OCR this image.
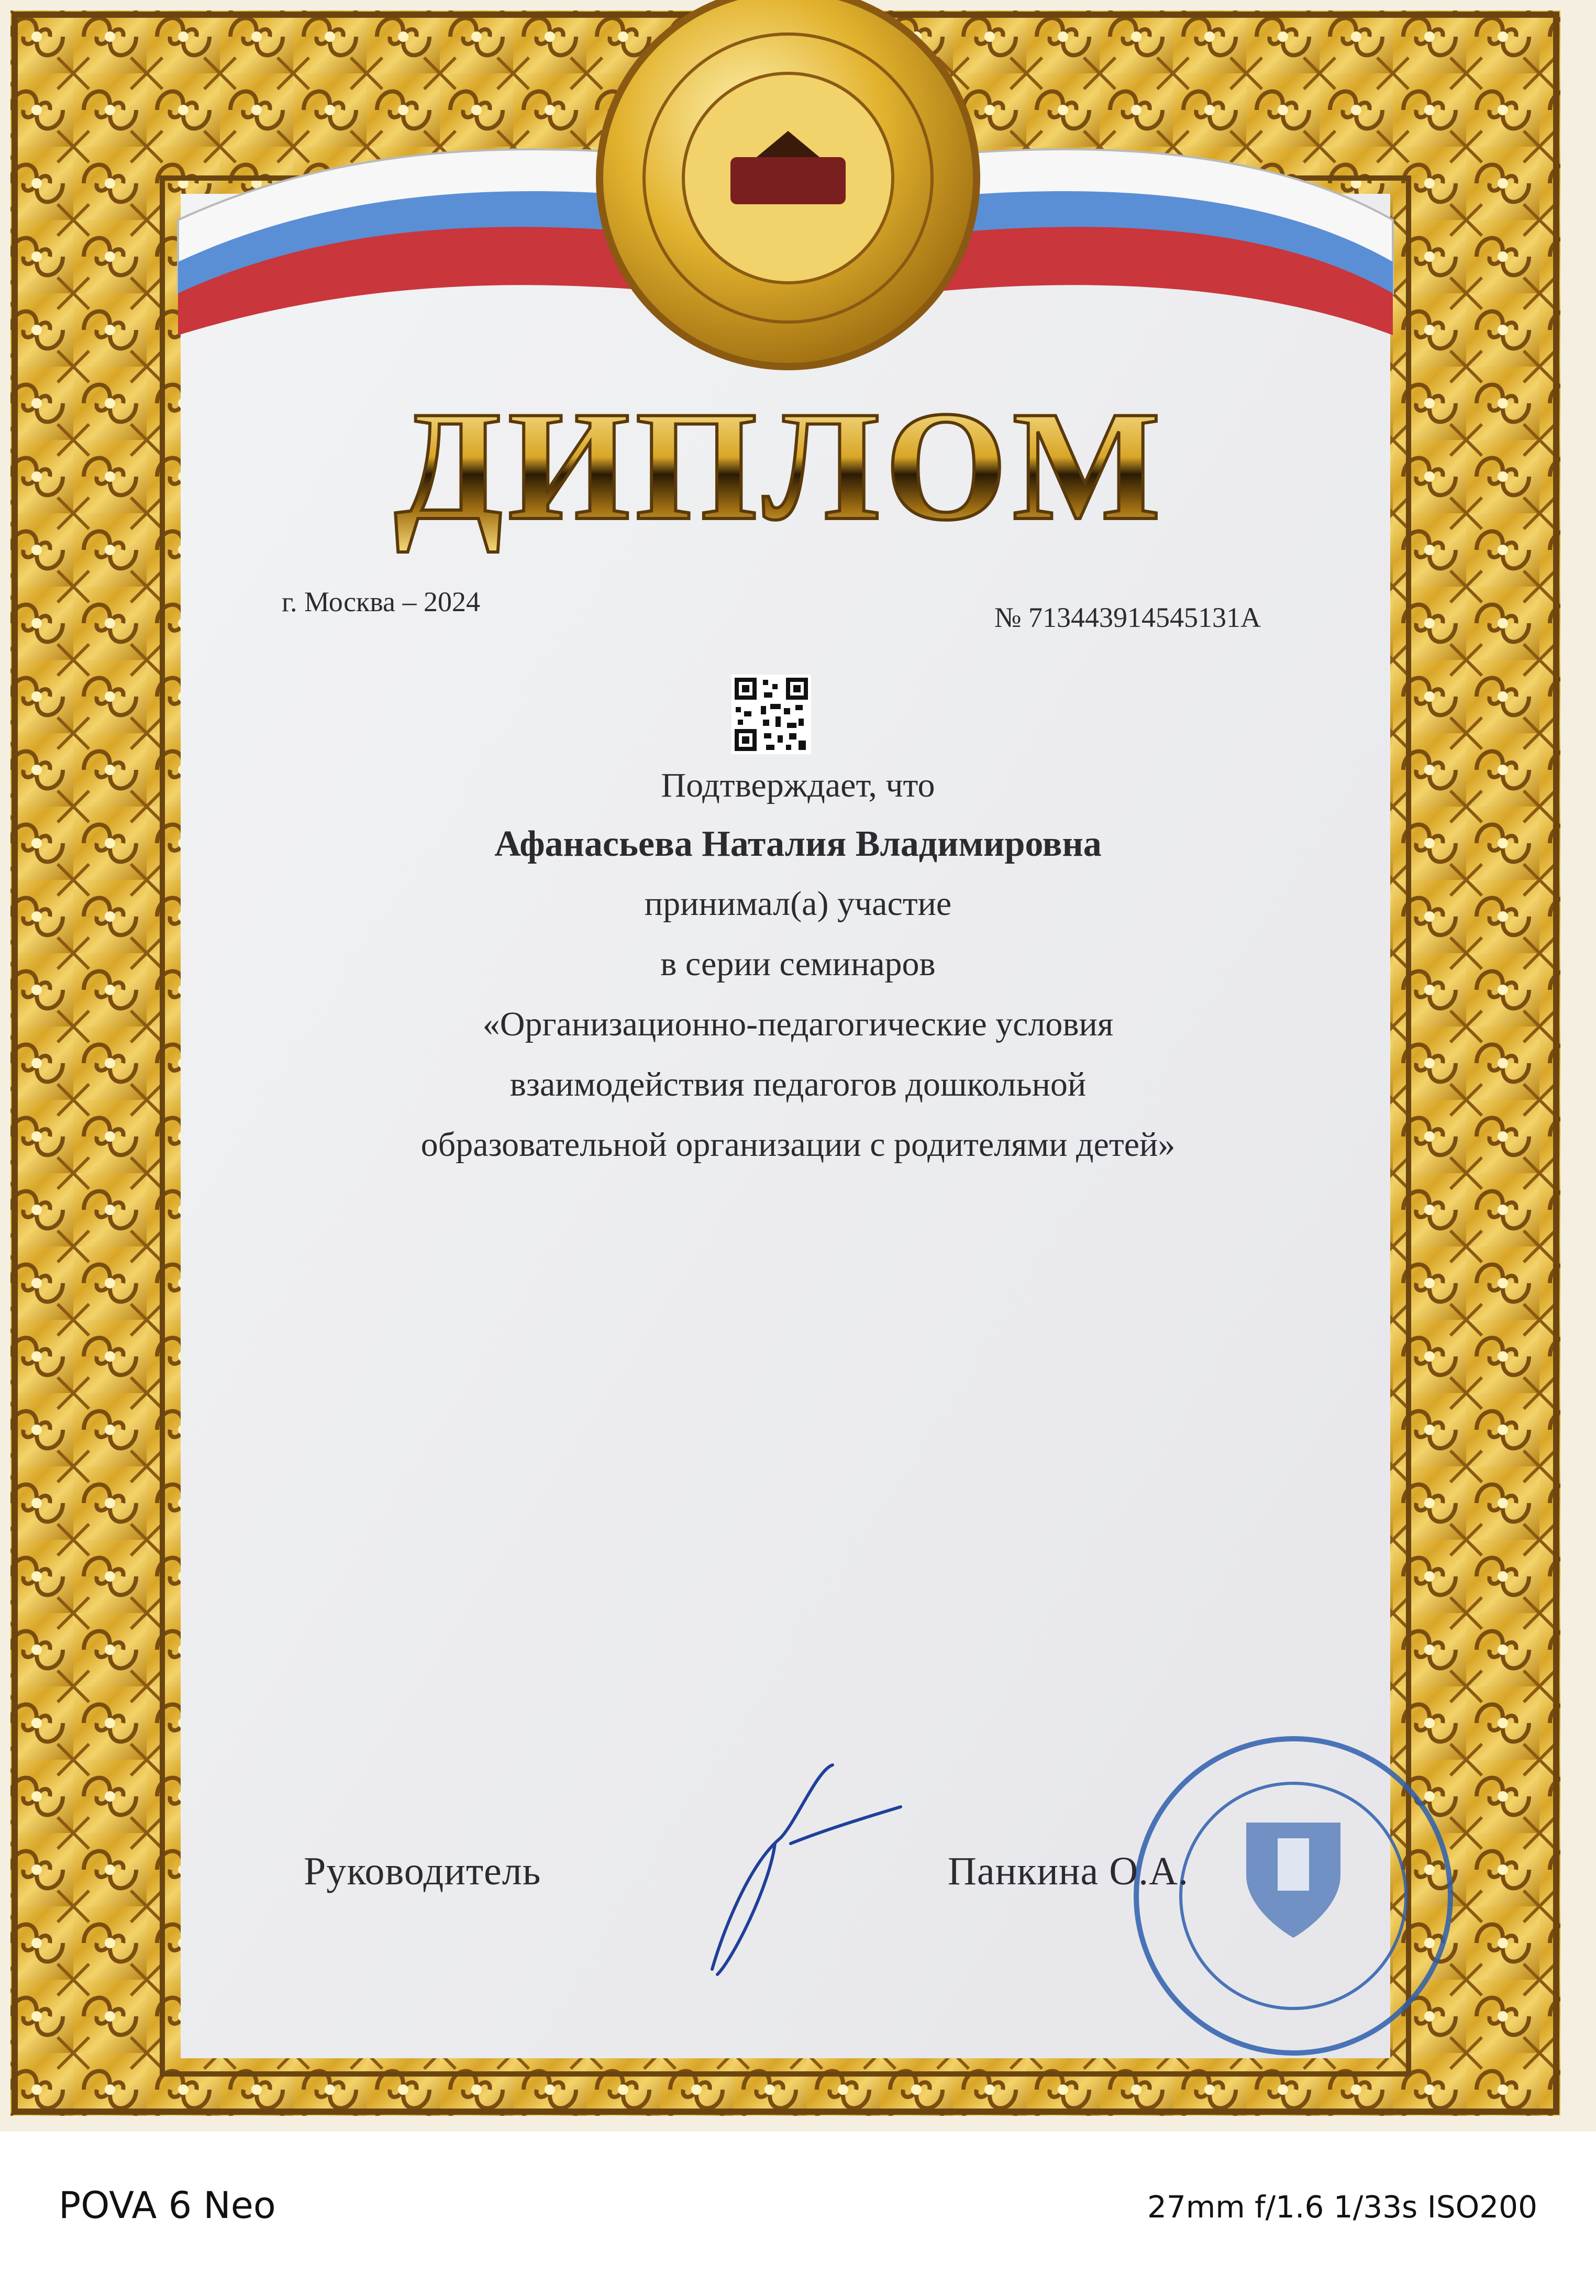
г. Москва – 2024	№ 713443914545131А
Подтверждает, что
Афанасьева Наталия Владимировна
принимал(а) участие
в серии семинаров
«Организационно-педагогические условия
взаимодействия педагогов дошкольной
образовательной организации с родителями детей»
Руководитель	Панкина О.А.
ДИПЛОМ
POVA 6 Neo	27mm f/1.6 1/33s ISO200
